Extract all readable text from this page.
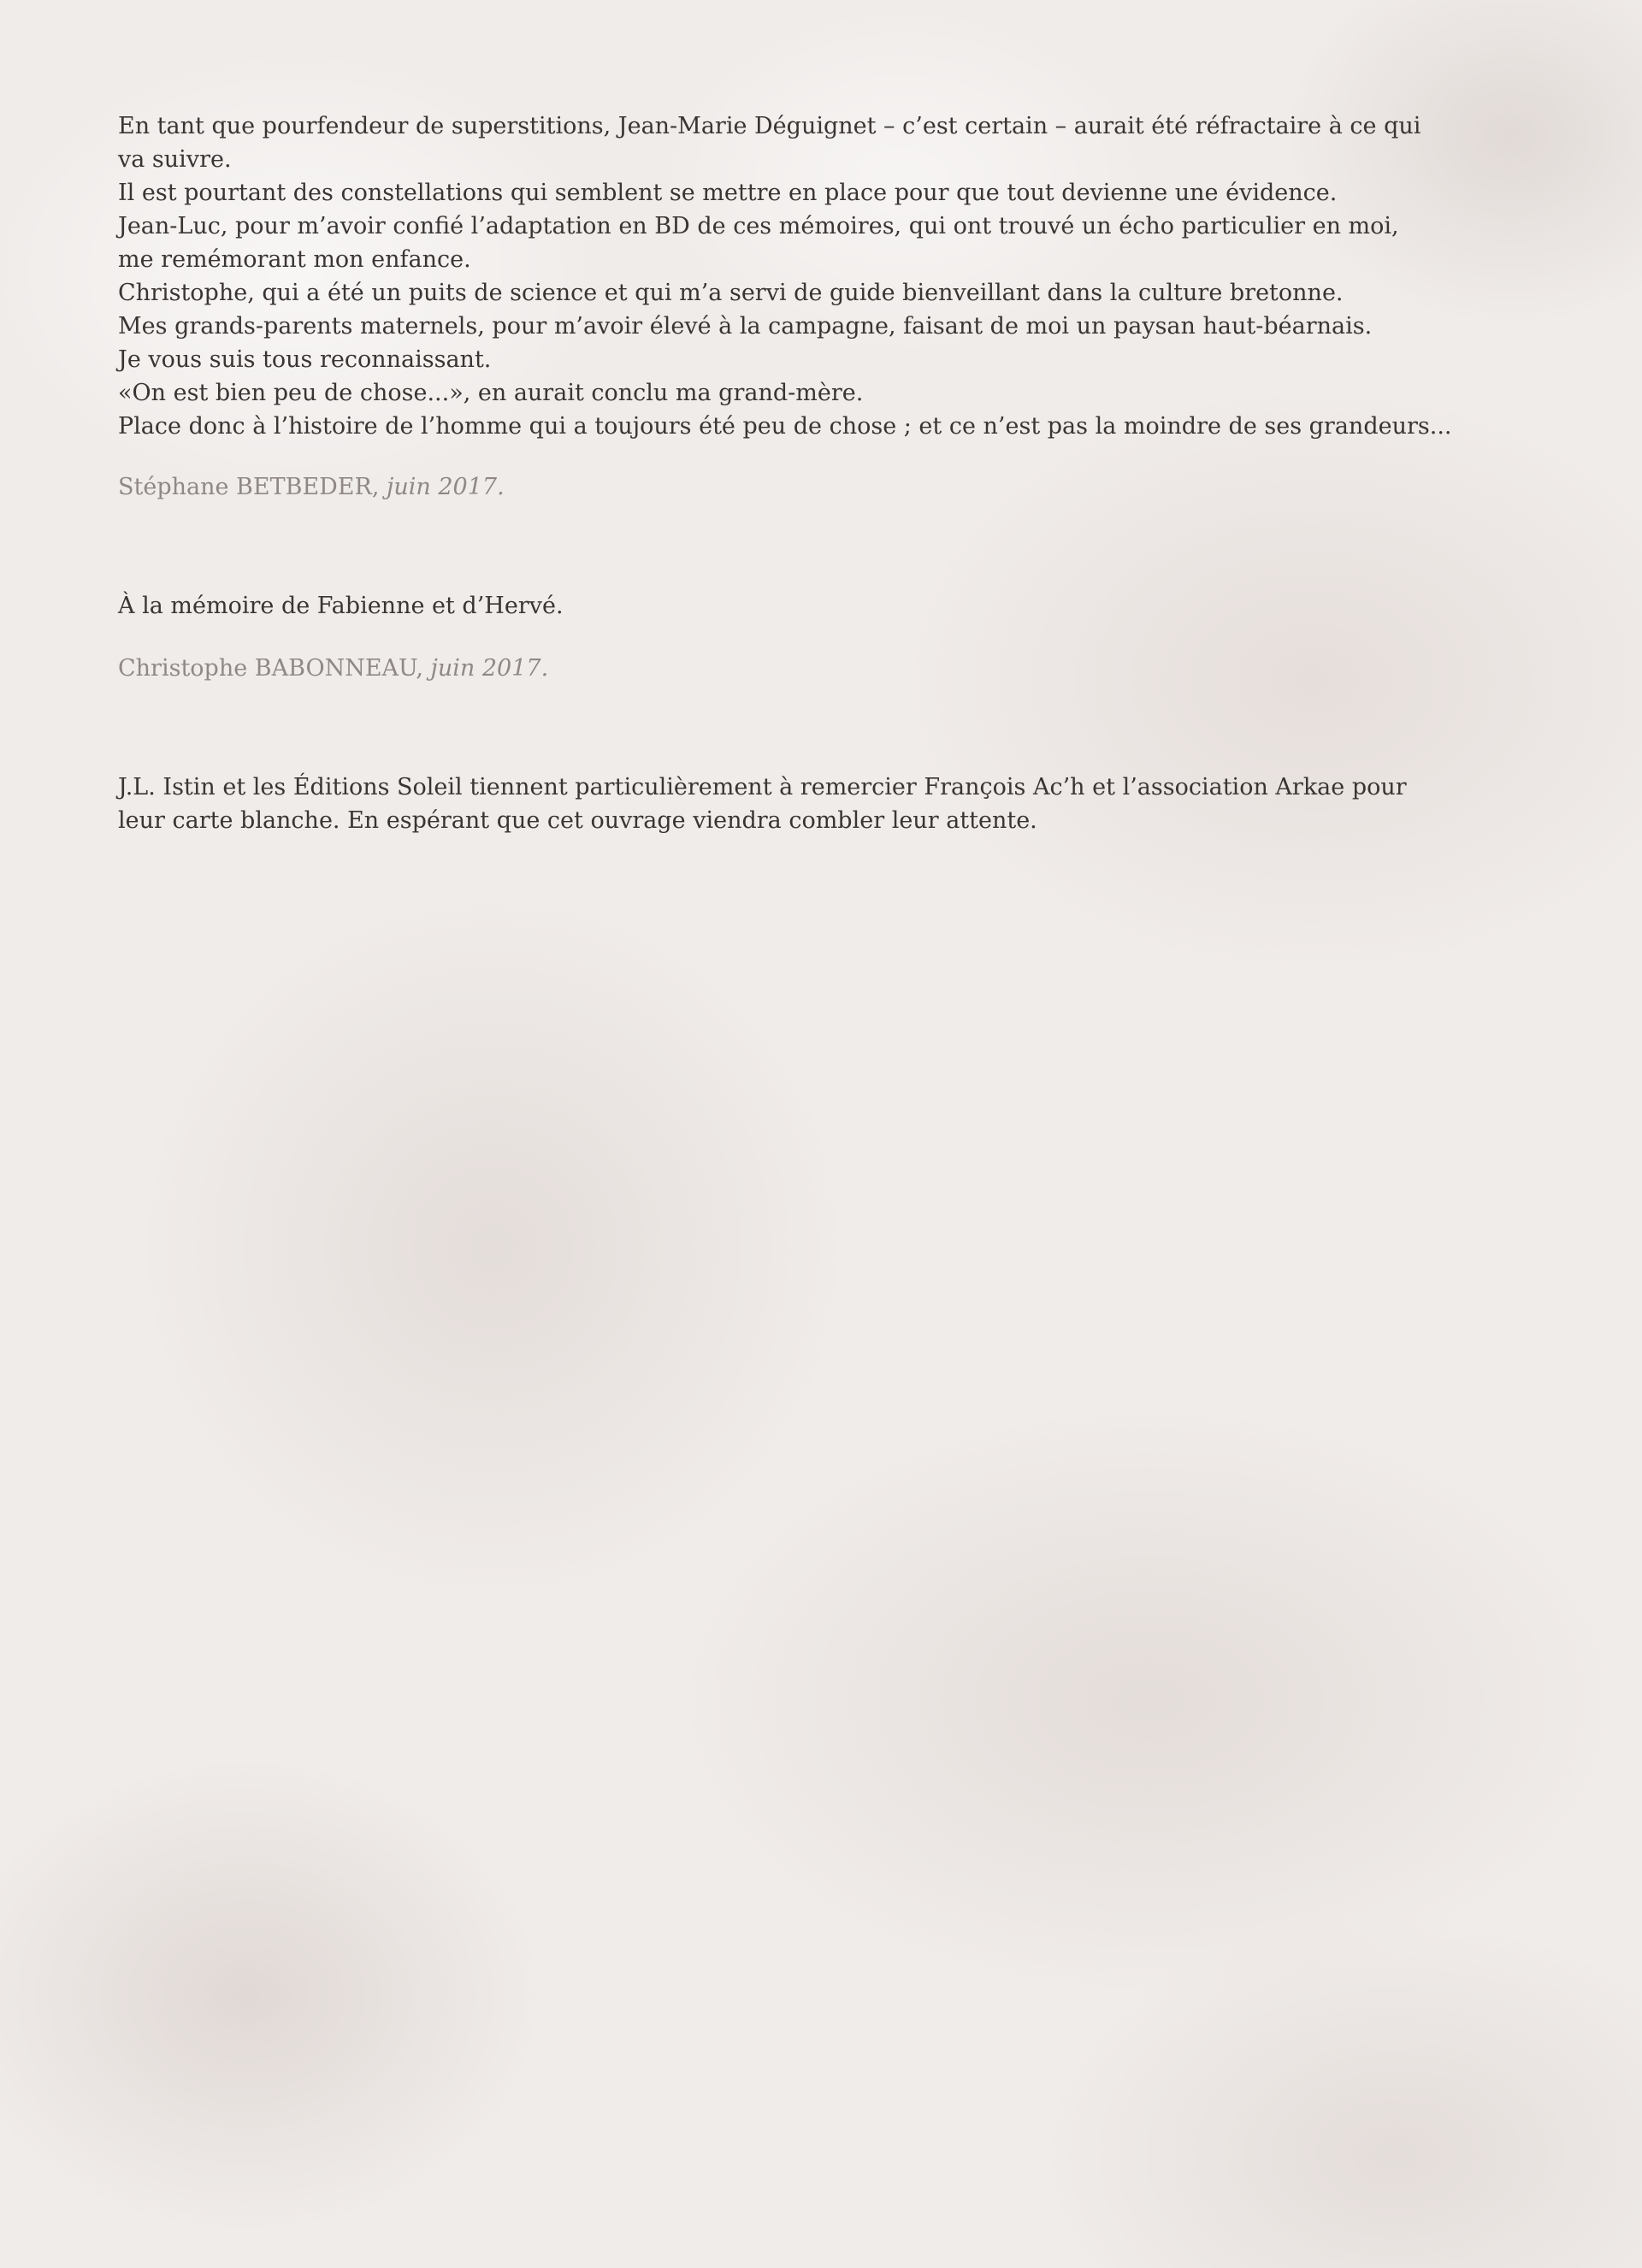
En tant que pourfendeur de superstitions, Jean-Marie Déguignet – c’est certain – aurait été réfractaire à ce qui
va suivre.
Il est pourtant des constellations qui semblent se mettre en place pour que tout devienne une évidence.
Jean-Luc, pour m’avoir confié l’adaptation en BD de ces mémoires, qui ont trouvé un écho particulier en moi,
me remémorant mon enfance.
Christophe, qui a été un puits de science et qui m’a servi de guide bienveillant dans la culture bretonne.
Mes grands-parents maternels, pour m’avoir élevé à la campagne, faisant de moi un paysan haut-béarnais.
Je vous suis tous reconnaissant.
«On est bien peu de chose...», en aurait conclu ma grand-mère.
Place donc à l’histoire de l’homme qui a toujours été peu de chose ; et ce n’est pas la moindre de ses grandeurs...

Stéphane BETBEDER, juin 2017.

À la mémoire de Fabienne et d’Hervé.

Christophe BABONNEAU, juin 2017.

J.L. Istin et les Éditions Soleil tiennent particulièrement à remercier François Ac’h et l’association Arkae pour
leur carte blanche. En espérant que cet ouvrage viendra combler leur attente.
